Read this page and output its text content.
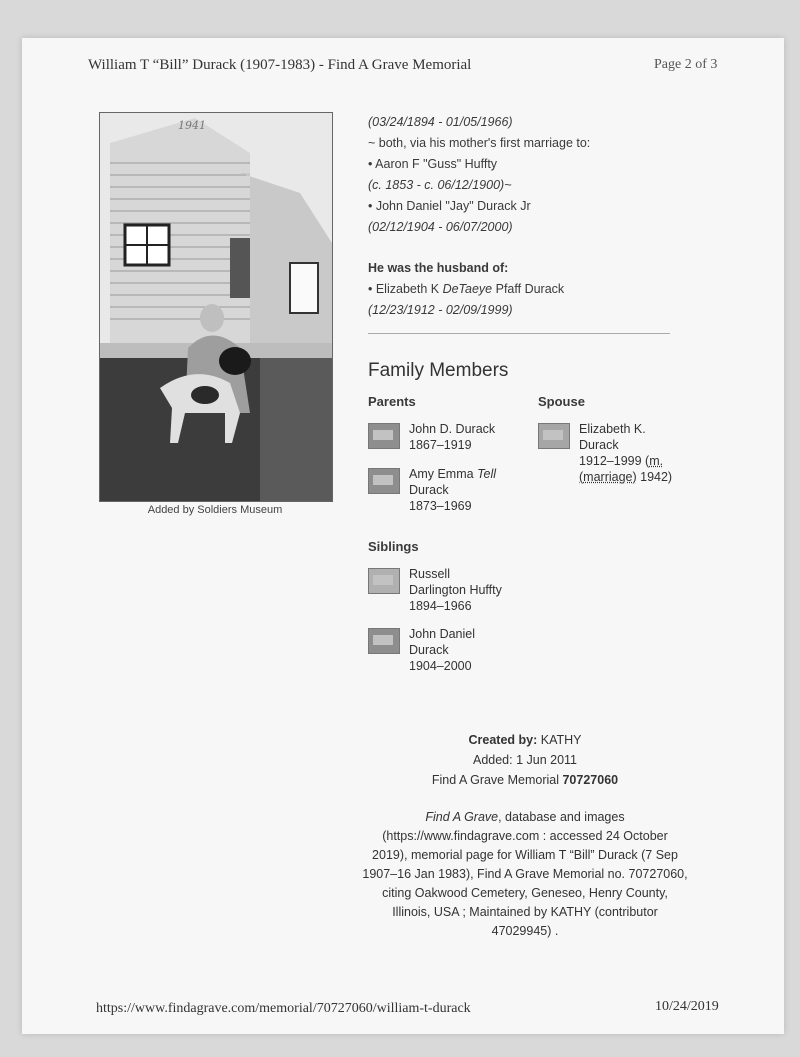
William T “Bill” Durack (1907-1983) - Find A Grave Memorial	Page 2 of 3
1941
Added by Soldiers Museum
(03/24/1894 - 01/05/1966)
~ both, via his mother's first marriage to:
• Aaron F "Guss" Huffty
(c. 1853 - c. 06/12/1900)~
• John Daniel "Jay" Durack Jr
(02/12/1904 - 06/07/2000)
He was the husband of:
• Elizabeth K DeTaeye Pfaff Durack
(12/23/1912 - 02/09/1999)
Family Members
Parents	Spouse
John D. Durack
1867–1919
Amy Emma Tell
Durack
1873–1969
Elizabeth K.
Durack
1912–1999 (m.
(marriage) 1942)
Siblings
Russell
Darlington Huffty
1894–1966
John Daniel
Durack
1904–2000
Created by: KATHY
Added: 1 Jun 2011
Find A Grave Memorial 70727060
Find A Grave, database and images
(https://www.findagrave.com : accessed 24 October
2019), memorial page for William T “Bill” Durack (7 Sep
1907–16 Jan 1983), Find A Grave Memorial no. 70727060,
citing Oakwood Cemetery, Geneseo, Henry County,
Illinois, USA ; Maintained by KATHY (contributor
47029945) .
https://www.findagrave.com/memorial/70727060/william-t-durack	10/24/2019
